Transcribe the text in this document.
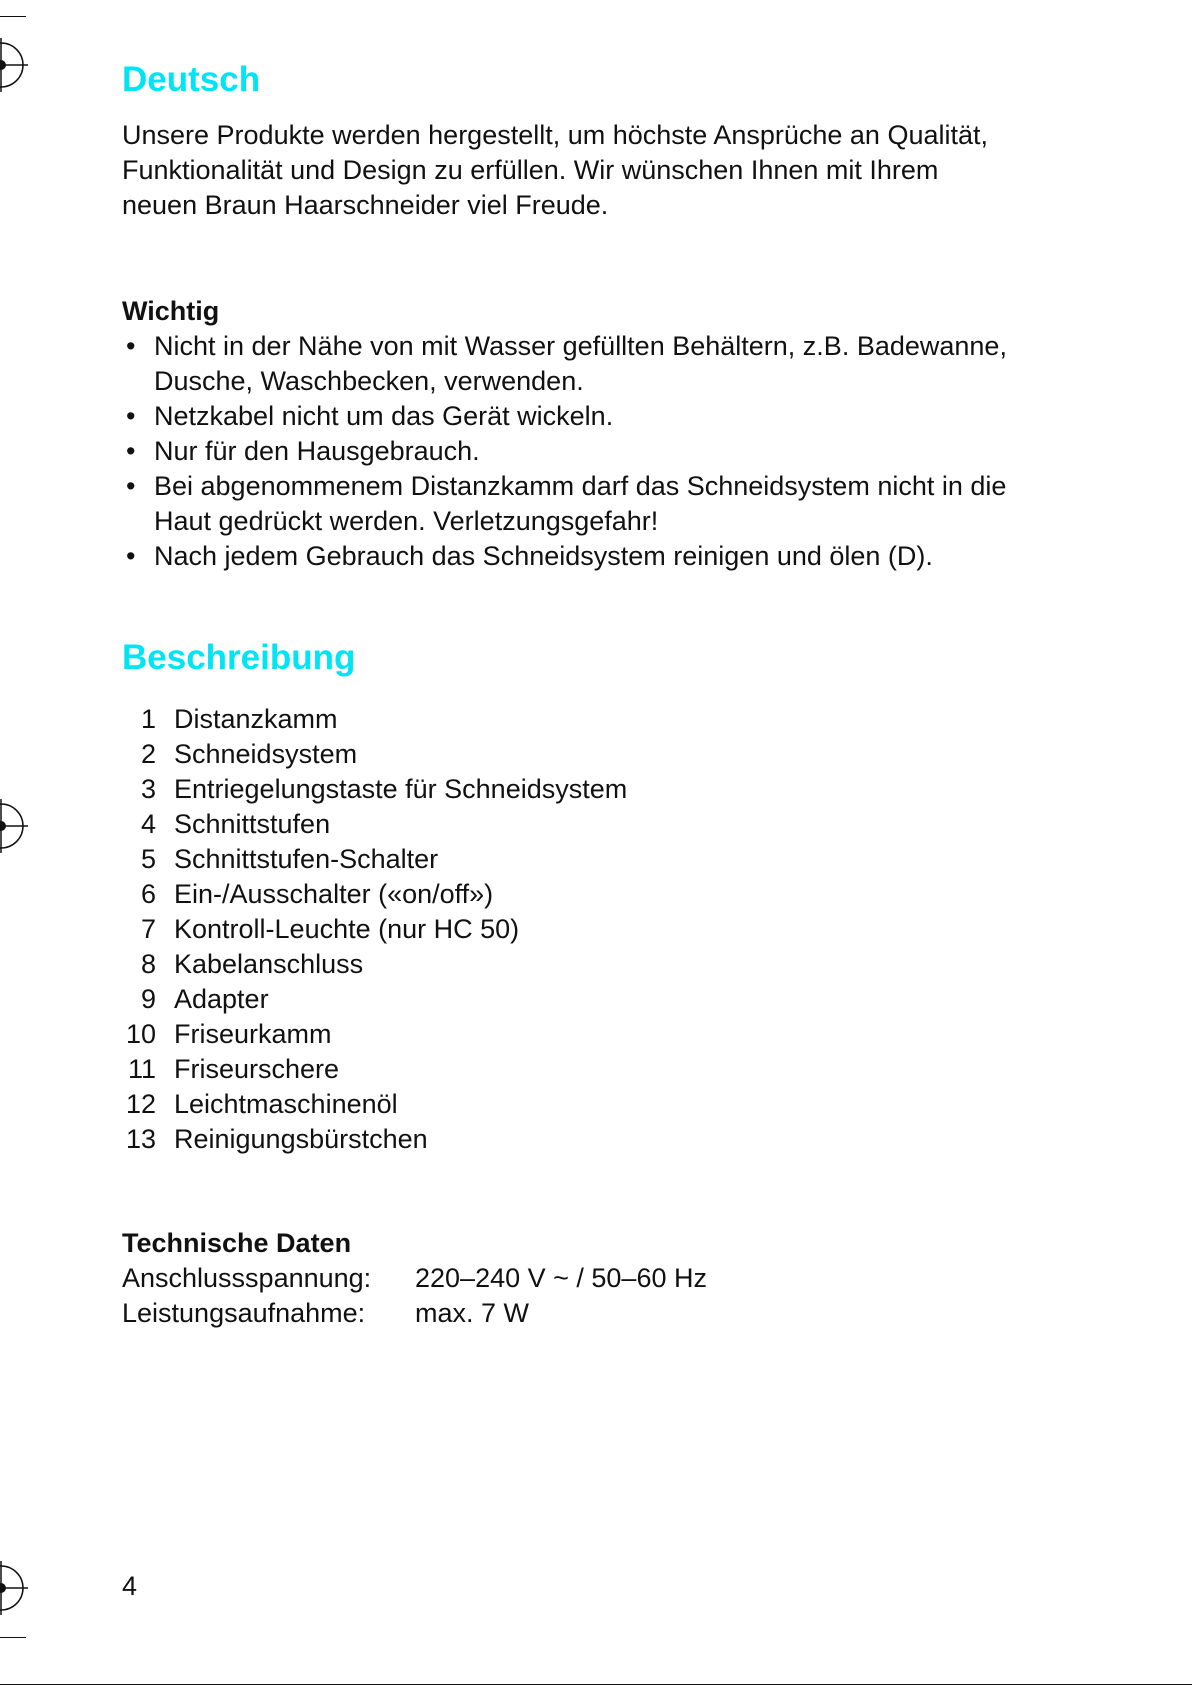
Deutsch

Unsere Produkte werden hergestellt, um höchste Ansprüche an Qualität,
Funktionalität und Design zu erfüllen. Wir wünschen Ihnen mit Ihrem
neuen Braun Haarschneider viel Freude.

Wichtig
• Nicht in der Nähe von mit Wasser gefüllten Behältern, z.B. Badewanne,
Dusche, Waschbecken, verwenden.
• Netzkabel nicht um das Gerät wickeln.
• Nur für den Hausgebrauch.
• Bei abgenommenem Distanzkamm darf das Schneidsystem nicht in die
Haut gedrückt werden. Verletzungsgefahr!
• Nach jedem Gebrauch das Schneidsystem reinigen und ölen (D).
Beschreibung
1 Distanzkamm
2 Schneidsystem
3 Entriegelungstaste für Schneidsystem
4 Schnittstufen
5 Schnittstufen-Schalter
6 Ein-/Ausschalter («on/off»)
7 Kontroll-Leuchte (nur HC 50)
8 Kabelanschluss
9 Adapter
10 Friseurkamm
11 Friseurschere
12 Leichtmaschinenöl
13 Reinigungsbürstchen
Technische Daten
Anschlussspannung:	220–240 V ~ / 50–60 Hz
Leistungsaufnahme:	max. 7 W
4
